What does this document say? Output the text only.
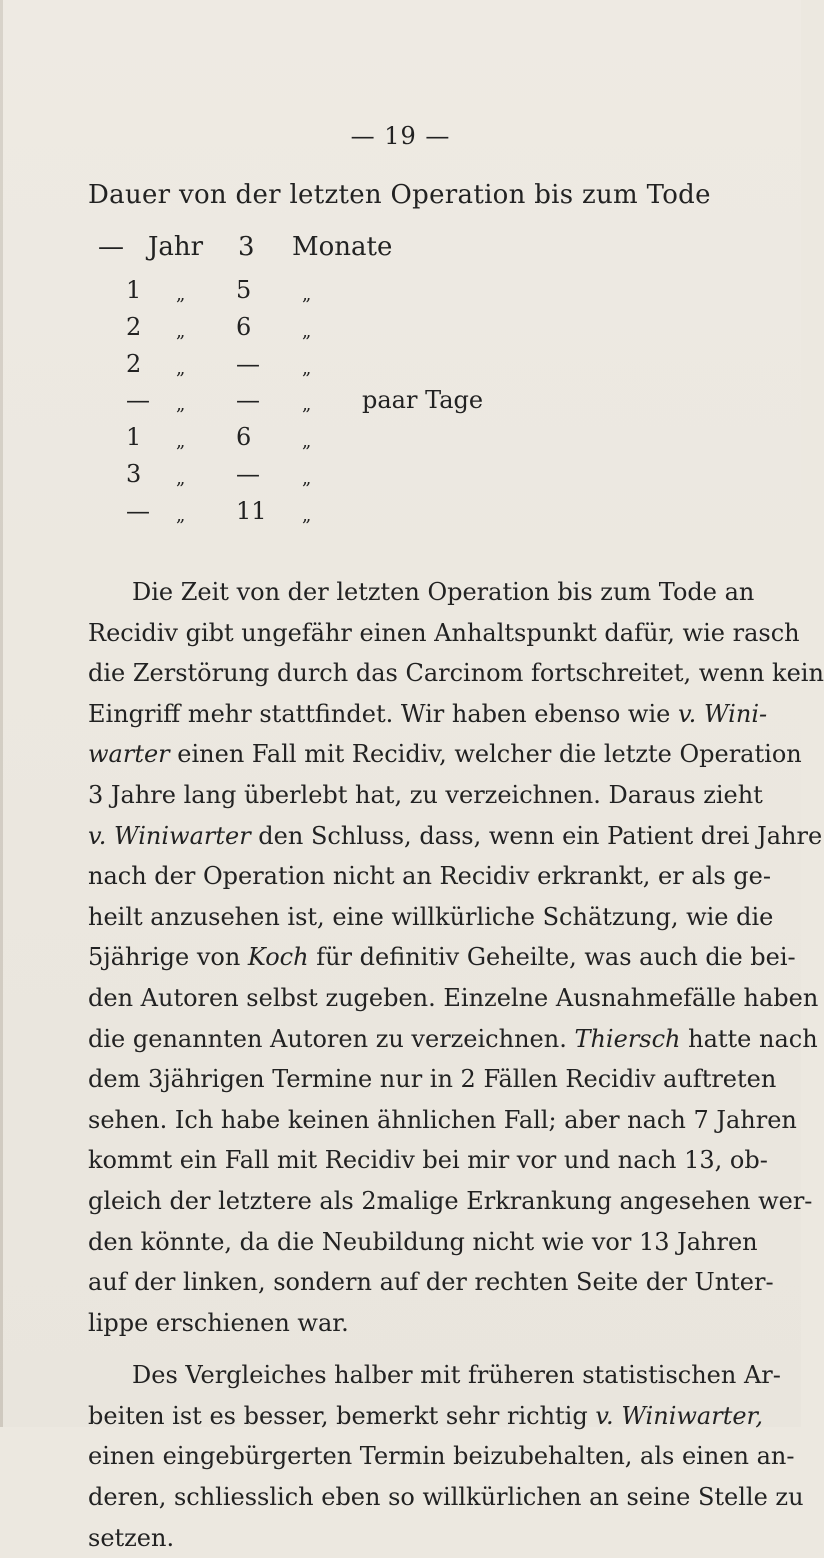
— 19 —
Dauer von der letzten Operation bis zum Tode
— Jahr 3 Monate
1 „ 5	„
2 „ 6	„
2 „ — „
— „ — „ paar Tage
1 „ 6	„
3 „ — „
— „ 11 „
Die Zeit von der letzten Operation bis zum Tode an
Recidiv gibt ungefähr einen Anhaltspunkt dafür, wie rasch
die Zerstörung durch das Carcinom fortschreitet, wenn kein
Eingriff mehr stattfindet. Wir haben ebenso wie v. Wini-
warter einen Fall mit Recidiv, welcher die letzte Operation
3 Jahre lang überlebt hat, zu verzeichnen. Daraus zieht
v. Winiwarter den Schluss, dass, wenn ein Patient drei Jahre
nach der Operation nicht an Recidiv erkrankt, er als ge-
heilt anzusehen ist, eine willkürliche Schätzung, wie die
5jährige von Koch für definitiv Geheilte, was auch die bei-
den Autoren selbst zugeben. Einzelne Ausnahmefälle haben
die genannten Autoren zu verzeichnen. Thiersch hatte nach
dem 3jährigen Termine nur in 2 Fällen Recidiv auftreten
sehen. Ich habe keinen ähnlichen Fall; aber nach 7 Jahren
kommt ein Fall mit Recidiv bei mir vor und nach 13, ob-
gleich der letztere als 2malige Erkrankung angesehen wer-
den könnte, da die Neubildung nicht wie vor 13 Jahren
auf der linken, sondern auf der rechten Seite der Unter-
lippe erschienen war.
Des Vergleiches halber mit früheren statistischen Ar-
beiten ist es besser, bemerkt sehr richtig v. Winiwarter,
einen eingebürgerten Termin beizubehalten, als einen an-
deren, schliesslich eben so willkürlichen an seine Stelle zu
setzen.
